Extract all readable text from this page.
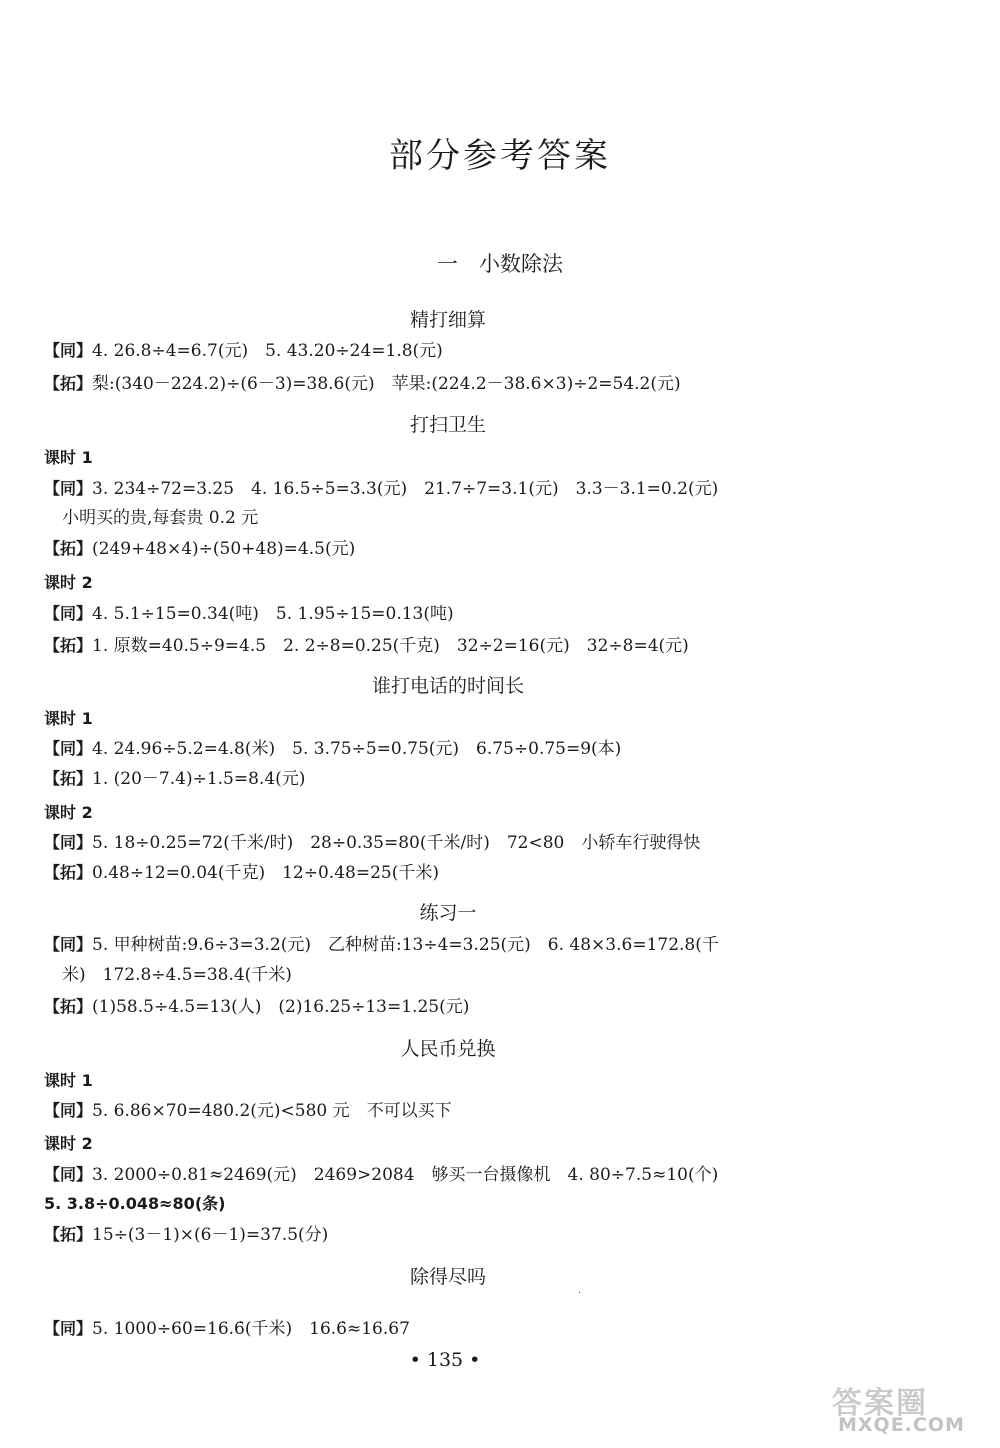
部分参考答案
一　小数除法
精打细算
【同】4. 26.8÷4=6.7(元)　5. 43.20÷24=1.8(元)
【拓】梨:(340－224.2)÷(6－3)=38.6(元)　苹果:(224.2－38.6×3)÷2=54.2(元)
打扫卫生
课时 1
【同】3. 234÷72=3.25　4. 16.5÷5=3.3(元)　21.7÷7=3.1(元)　3.3－3.1=0.2(元)
小明买的贵,每套贵 0.2 元
【拓】(249+48×4)÷(50+48)=4.5(元)
课时 2
【同】4. 5.1÷15=0.34(吨)　5. 1.95÷15=0.13(吨)
【拓】1. 原数=40.5÷9=4.5　2. 2÷8=0.25(千克)　32÷2=16(元)　32÷8=4(元)
谁打电话的时间长
课时 1
【同】4. 24.96÷5.2=4.8(米)　5. 3.75÷5=0.75(元)　6.75÷0.75=9(本)
【拓】1. (20－7.4)÷1.5=8.4(元)
课时 2
【同】5. 18÷0.25=72(千米/时)　28÷0.35=80(千米/时)　72<80　小轿车行驶得快
【拓】0.48÷12=0.04(千克)　12÷0.48=25(千米)
练习一
【同】5. 甲种树苗:9.6÷3=3.2(元)　乙种树苗:13÷4=3.25(元)　6. 48×3.6=172.8(千
米)　172.8÷4.5=38.4(千米)
【拓】(1)58.5÷4.5=13(人)　(2)16.25÷13=1.25(元)
人民币兑换
课时 1
【同】5. 6.86×70=480.2(元)<580 元　不可以买下
课时 2
【同】3. 2000÷0.81≈2469(元)　2469>2084　够买一台摄像机　4. 80÷7.5≈10(个)
5. 3.8÷0.048≈80(条)
【拓】15÷(3－1)×(6－1)=37.5(分)
除得尽吗
·
【同】5. 1000÷60=16.6̇(千米)　16.6̇≈16.67
• 135 •
答案圈
MXQE.COM
